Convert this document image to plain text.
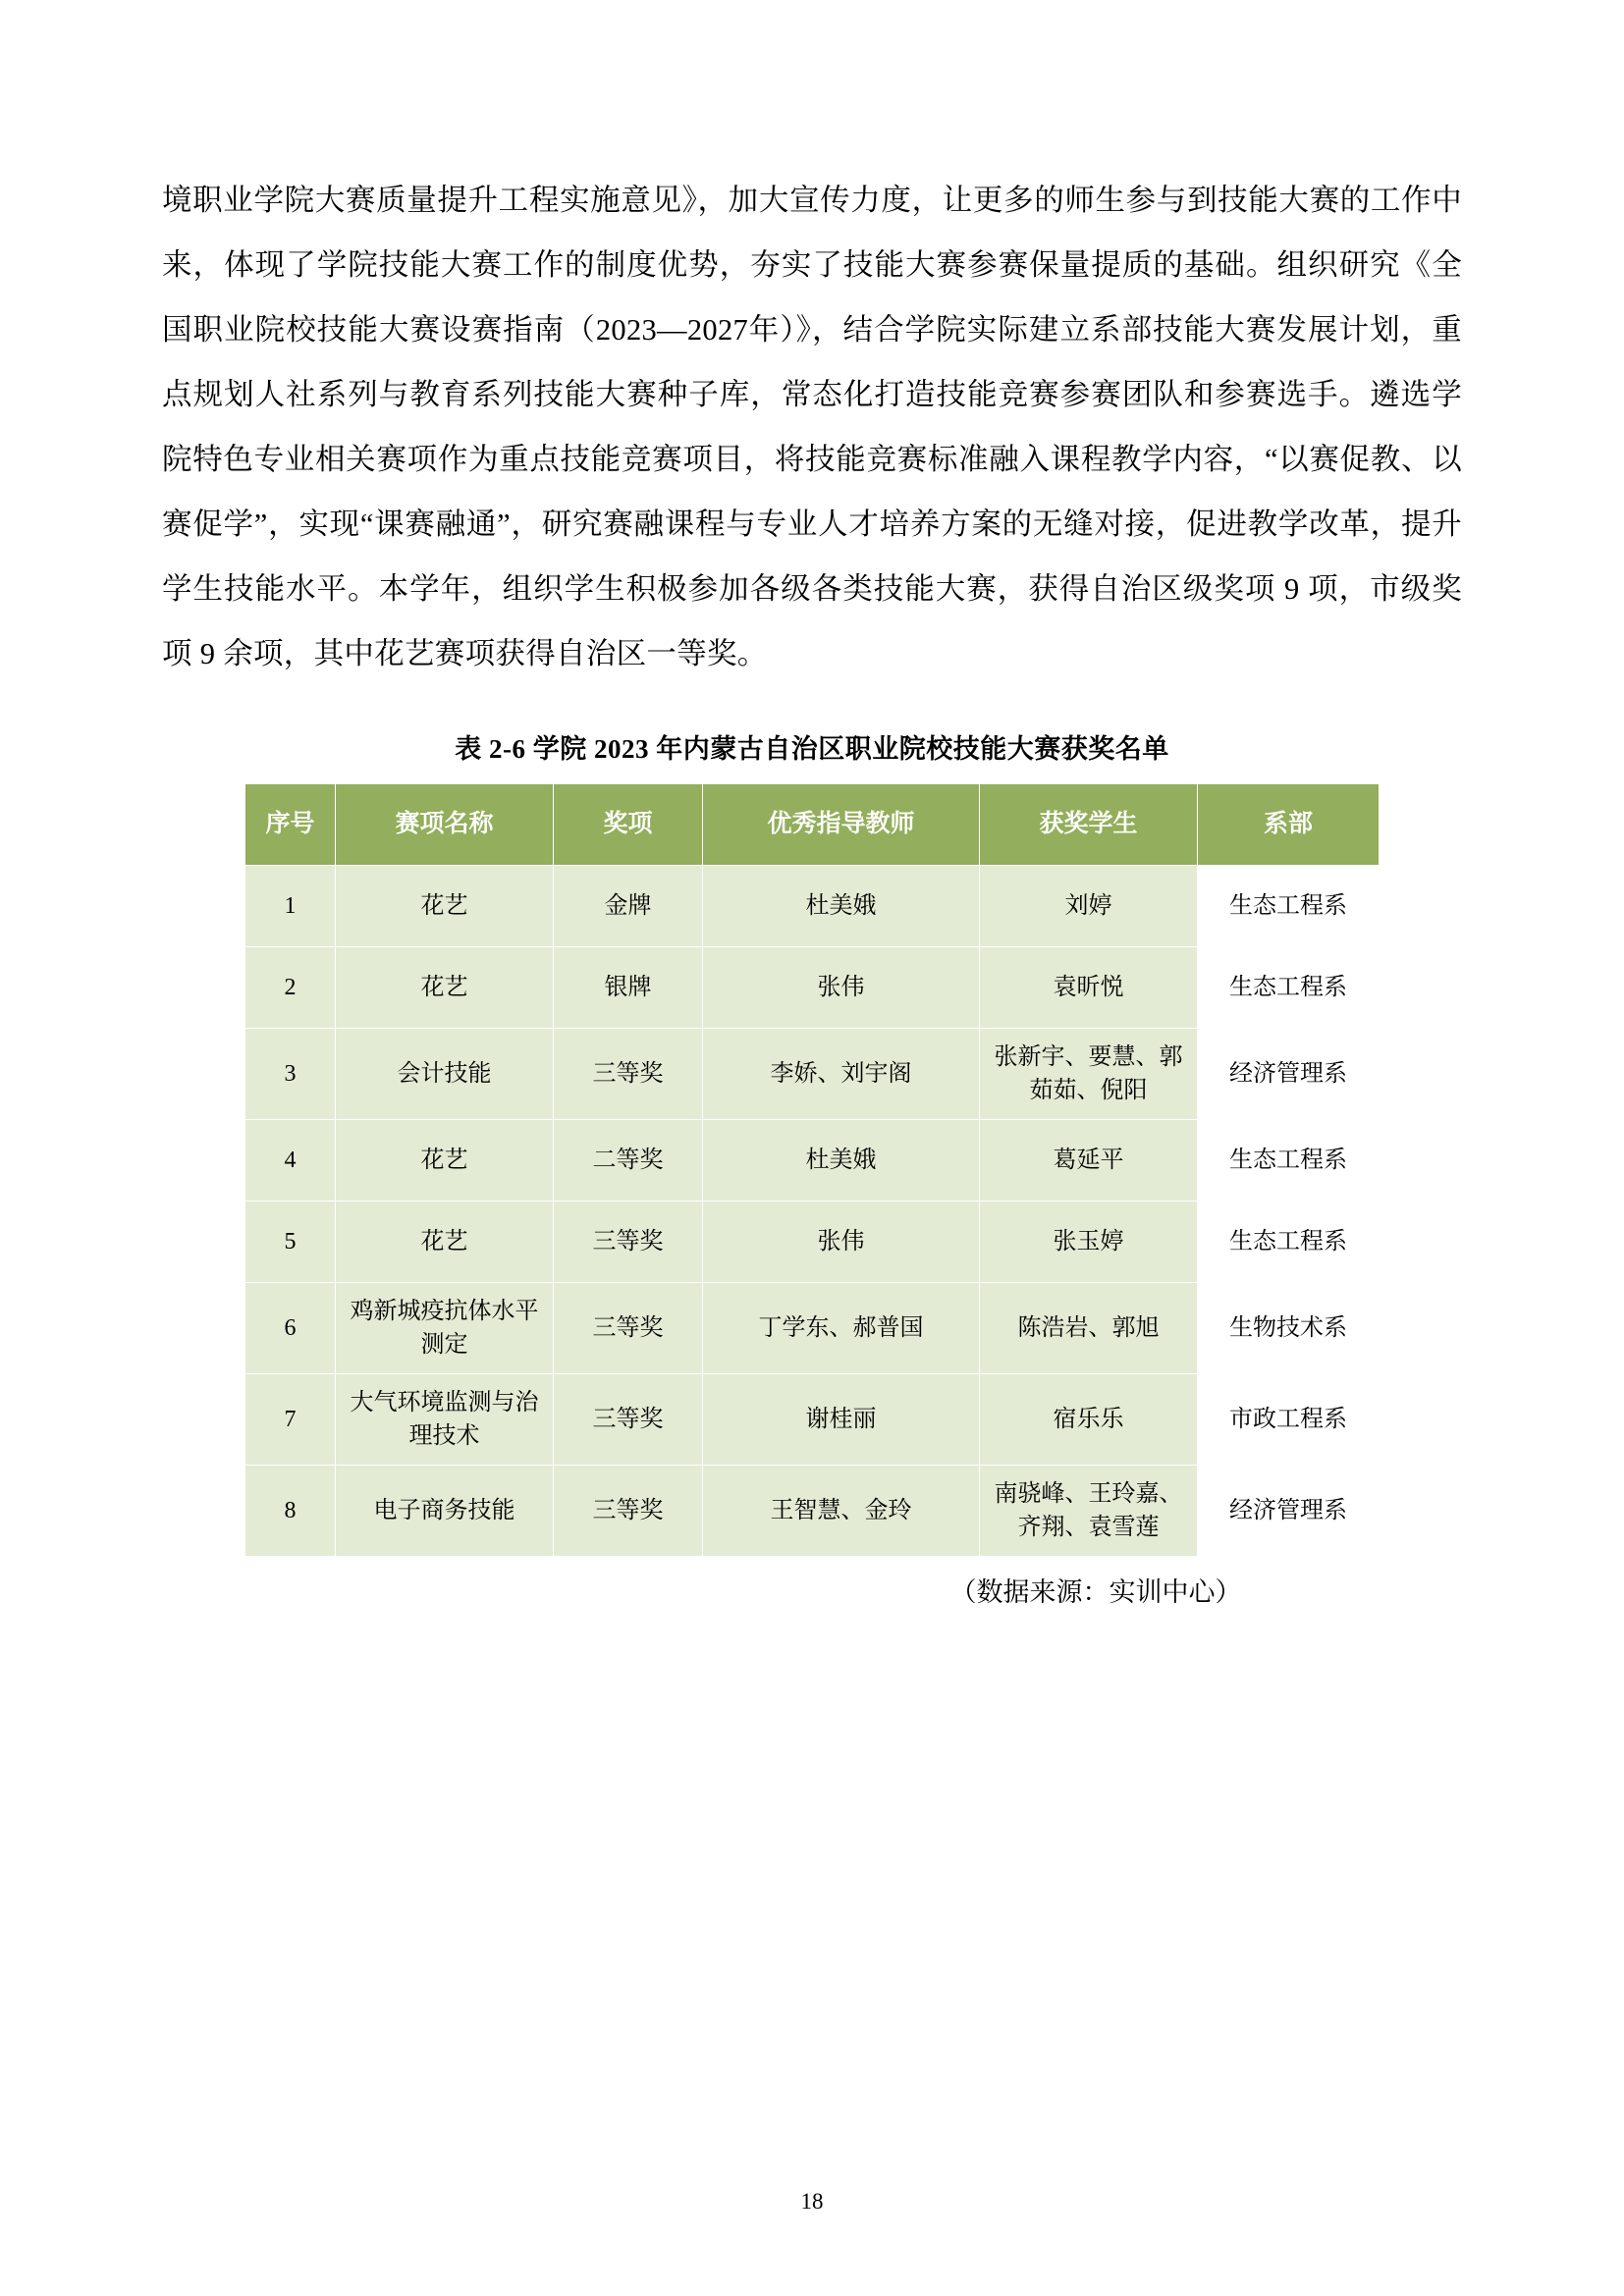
境职业学院大赛质量提升工程实施意见》，加大宣传力度，让更多的师生参与到技能大赛的工作中来，体现了学院技能大赛工作的制度优势，夯实了技能大赛参赛保量提质的基础。组织研究《全国职业院校技能大赛设赛指南（2023—2027年）》，结合学院实际建立系部技能大赛发展计划，重点规划人社系列与教育系列技能大赛种子库，常态化打造技能竞赛参赛团队和参赛选手。遴选学院特色专业相关赛项作为重点技能竞赛项目，将技能竞赛标准融入课程教学内容，“以赛促教、以赛促学”，实现“课赛融通”，研究赛融课程与专业人才培养方案的无缝对接，促进教学改革，提升学生技能水平。本学年，组织学生积极参加各级各类技能大赛，获得自治区级奖项 9 项，市级奖项 9 余项，其中花艺赛项获得自治区一等奖。

表 2-6 学院 2023 年内蒙古自治区职业院校技能大赛获奖名单
序号	赛项名称	奖项	优秀指导教师	获奖学生	系部
1	花艺	金牌	杜美娥	刘婷	生态工程系
2	花艺	银牌	张伟	袁昕悦	生态工程系
3	会计技能	三等奖	李娇、刘宇阁	张新宇、要慧、郭茹茹、倪阳	经济管理系
4	花艺	二等奖	杜美娥	葛延平	生态工程系
5	花艺	三等奖	张伟	张玉婷	生态工程系
6	鸡新城疫抗体水平测定	三等奖	丁学东、郝普国	陈浩岩、郭旭	生物技术系
7	大气环境监测与治理技术	三等奖	谢桂丽	宿乐乐	市政工程系
8	电子商务技能	三等奖	王智慧、金玲	南骁峰、王玲嘉、齐翔、袁雪莲	经济管理系
（数据来源：实训中心）
18
